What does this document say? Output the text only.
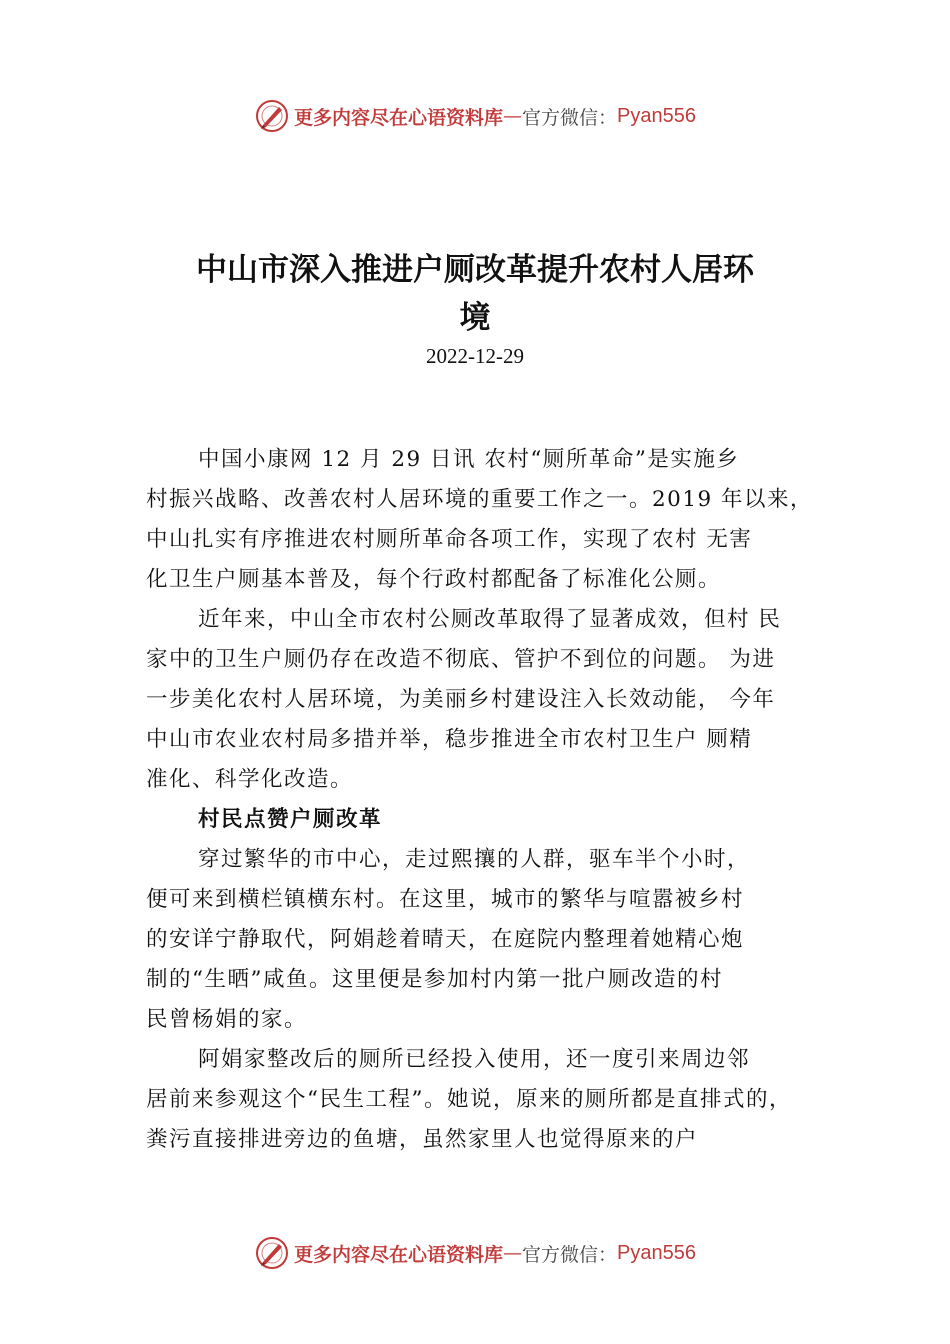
更多内容尽在心语资料库 — 官方微信： Pyan556
中山市深入推进户厕改革提升农村人居环
境
2022-12-29
中国小康网 12 月 29 日讯 农村“厕所革命”是实施乡
村振兴战略、改善农村人居环境的重要工作之一。2019 年以来，
中山扎实有序推进农村厕所革命各项工作，实现了农村 无害
化卫生户厕基本普及，每个行政村都配备了标准化公厕。
近年来，中山全市农村公厕改革取得了显著成效，但村 民
家中的卫生户厕仍存在改造不彻底、管护不到位的问题。 为进
一步美化农村人居环境，为美丽乡村建设注入长效动能， 今年
中山市农业农村局多措并举，稳步推进全市农村卫生户 厕精
准化、科学化改造。
村民点赞户厕改革
穿过繁华的市中心，走过熙攘的人群，驱车半个小时，
便可来到横栏镇横东村。在这里，城市的繁华与喧嚣被乡村
的安详宁静取代，阿娟趁着晴天，在庭院内整理着她精心炮
制的“生晒”咸鱼。这里便是参加村内第一批户厕改造的村
民曾杨娟的家。
阿娟家整改后的厕所已经投入使用，还一度引来周边邻
居前来参观这个“民生工程”。她说，原来的厕所都是直排式的，
粪污直接排进旁边的鱼塘，虽然家里人也觉得原来的户
更多内容尽在心语资料库 — 官方微信： Pyan556
